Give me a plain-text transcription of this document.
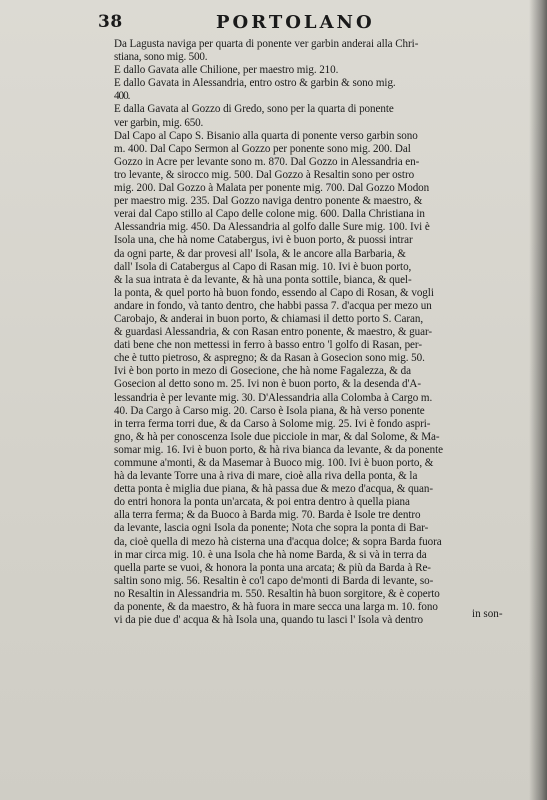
38	PORTOLANO
Da Lagusta naviga per quarta di ponente ver garbin anderai alla Chri-
stiana, sono mig. 500.
E dallo Gavata alle Chilione, per maestro mig. 210.
E dallo Gavata in Alessandria, entro ostro & garbin & sono mig.
400.
E dalla Gavata al Gozzo di Gredo, sono per la quarta di ponente
ver garbin, mig. 650.
Dal Capo al Capo S. Bisanio alla quarta di ponente verso garbin sono
m. 400. Dal Capo Sermon al Gozzo per ponente sono mig. 200. Dal
Gozzo in Acre per levante sono m. 870. Dal Gozzo in Alessandria en-
tro levante, & sirocco mig. 500. Dal Gozzo à Resaltin sono per ostro
mig. 200. Dal Gozzo à Malata per ponente mig. 700. Dal Gozzo Modon
per maestro mig. 235. Dal Gozzo naviga dentro ponente & maestro, &
verai dal Capo stillo al Capo delle colone mig. 600. Dalla Christiana in
Alessandria mig. 450. Da Alessandria al golfo dalle Sure mig. 100. Ivi è
Isola una, che hà nome Catabergus, ivi è buon porto, & puossi intrar
da ogni parte, & dar provesi all' Isola, & le ancore alla Barbaria, &
dall' Isola di Catabergus al Capo di Rasan mig. 10. Ivi è buon porto,
& la sua intrata è da levante, & hà una ponta sottile, bianca, & quel-
la ponta, & quel porto hà buon fondo, essendo al Capo di Rosan, & vogli
andare in fondo, và tanto dentro, che habbi passa 7. d'acqua per mezo un
Carobajo, & anderai in buon porto, & chiamasi il detto porto S. Caran,
& guardasi Alessandria, & con Rasan entro ponente, & maestro, & guar-
dati bene che non mettessi in ferro à basso entro 'l golfo di Rasan, per-
che è tutto pietroso, & aspregno; & da Rasan à Gosecion sono mig. 50.
Ivi è bon porto in mezo di Gosecione, che hà nome Fagalezza, & da
Gosecion al detto sono m. 25. Ivi non è buon porto, & la desenda d'A-
lessandria è per levante mig. 30. D'Alessandria alla Colomba à Cargo m.
40. Da Cargo à Carso mig. 20. Carso è Isola piana, & hà verso ponente
in terra ferma torri due, & da Carso à Solome mig. 25. Ivi è fondo aspri-
gno, & hà per conoscenza Isole due picciole in mar, & dal Solome, & Ma-
somar mig. 16. Ivi è buon porto, & hà riva bianca da levante, & da ponente
commune a'monti, & da Masemar à Buoco mig. 100. Ivi è buon porto, &
hà da levante Torre una à riva di mare, cioè alla riva della ponta, & la
detta ponta è miglia due piana, & hà passa due & mezo d'acqua, & quan-
do entri honora la ponta un'arcata, & poi entra dentro à quella piana
alla terra ferma; & da Buoco à Barda mig. 70. Barda è Isole tre dentro
da levante, lascia ogni Isola da ponente; Nota che sopra la ponta di Bar-
da, cioè quella di mezo hà cisterna una d'acqua dolce; & sopra Barda fuora
in mar circa mig. 10. è una Isola che hà nome Barda, & si và in terra da
quella parte se vuoi, & honora la ponta una arcata; & più da Barda à Re-
saltin sono mig. 56. Resaltin è co'l capo de'monti di Barda di levante, so-
no Resaltin in Alessandria m. 550. Resaltin hà buon sorgitore, & è coperto
da ponente, & da maestro, & hà fuora in mare secca una larga m. 10. fono
vi da pie due d' acqua & hà Isola una, quando tu lasci l' Isola và dentro
in son-
